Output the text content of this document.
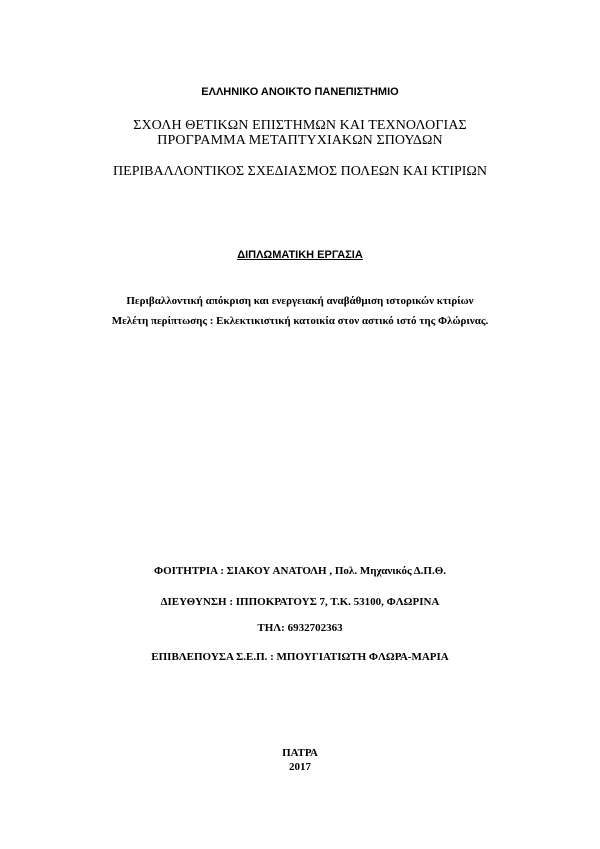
ΕΛΛΗΝΙΚΟ ΑΝΟΙΚΤΟ ΠΑΝΕΠΙΣΤΗΜΙΟ

ΣΧΟΛΗ ΘΕΤΙΚΩΝ ΕΠΙΣΤΗΜΩΝ ΚΑΙ ΤΕΧΝΟΛΟΓΙΑΣ

ΠΡΟΓΡΑΜΜΑ ΜΕΤΑΠΤΥΧΙΑΚΩΝ ΣΠΟΥΔΩΝ

ΠΕΡΙΒΑΛΛΟΝΤΙΚΟΣ ΣΧΕΔΙΑΣΜΟΣ ΠΟΛΕΩΝ ΚΑΙ ΚΤΙΡΙΩΝ

ΔΙΠΛΩΜΑΤΙΚΗ ΕΡΓΑΣΙΑ

Περιβαλλοντική απόκριση και ενεργειακή αναβάθμιση ιστορικών κτιρίων

Μελέτη περίπτωσης : Εκλεκτικιστική κατοικία στον αστικό ιστό της Φλώρινας.

ΦΟΙΤΗΤΡΙΑ : ΣΙΑΚΟΥ ΑΝΑΤΟΛΗ , Πολ. Μηχανικός Δ.Π.Θ.

ΔΙΕΥΘΥΝΣΗ : ΙΠΠΟΚΡΑΤΟΥΣ 7, Τ.Κ. 53100, ΦΛΩΡΙΝΑ

ΤΗΛ: 6932702363

ΕΠΙΒΛΕΠΟΥΣΑ Σ.Ε.Π. : ΜΠΟΥΓΙΑΤΙΩΤΗ ΦΛΩΡΑ-ΜΑΡΙΑ

ΠΑΤΡΑ

2017
